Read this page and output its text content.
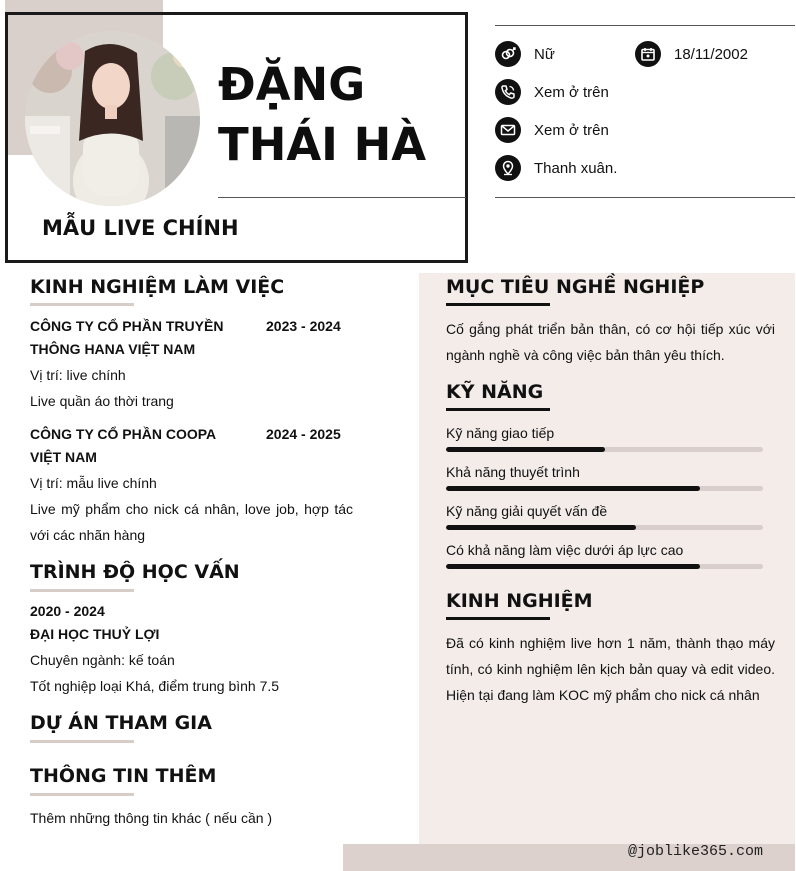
ĐẶNG
THÁI HÀ
MẪU LIVE CHÍNH
Nữ	18/11/2002
Xem ở trên
Xem ở trên
Thanh xuân.
KINH NGHIỆM LÀM VIỆC
CÔNG TY CỔ PHẦN TRUYỀN THÔNG HANA VIỆT NAM
2023 - 2024
Vị trí: live chính
Live quần áo thời trang
CÔNG TY CỔ PHẦN COOPA VIỆT NAM
2024 - 2025
Vị trí: mẫu live chính
Live mỹ phẩm cho nick cá nhân, love job, hợp tác với các nhãn hàng
TRÌNH ĐỘ HỌC VẤN
2020 - 2024
ĐẠI HỌC THUỶ LỢI
Chuyên ngành: kế toán
Tốt nghiệp loại Khá, điểm trung bình 7.5
DỰ ÁN THAM GIA
THÔNG TIN THÊM
Thêm những thông tin khác ( nếu cần )
MỤC TIÊU NGHỀ NGHIỆP
Cố gắng phát triển bản thân, có cơ hội tiếp xúc với ngành nghề và công việc bản thân yêu thích.
KỸ NĂNG
Kỹ năng giao tiếp
Khả năng thuyết trình
Kỹ năng giải quyết vấn đề
Có khả năng làm việc dưới áp lực cao
KINH NGHIỆM
Đã có kinh nghiệm live hơn 1 năm, thành thạo máy tính, có kinh nghiệm lên kịch bản quay và edit video. Hiện tại đang làm KOC mỹ phẩm cho nick cá nhân
@joblike365.com
